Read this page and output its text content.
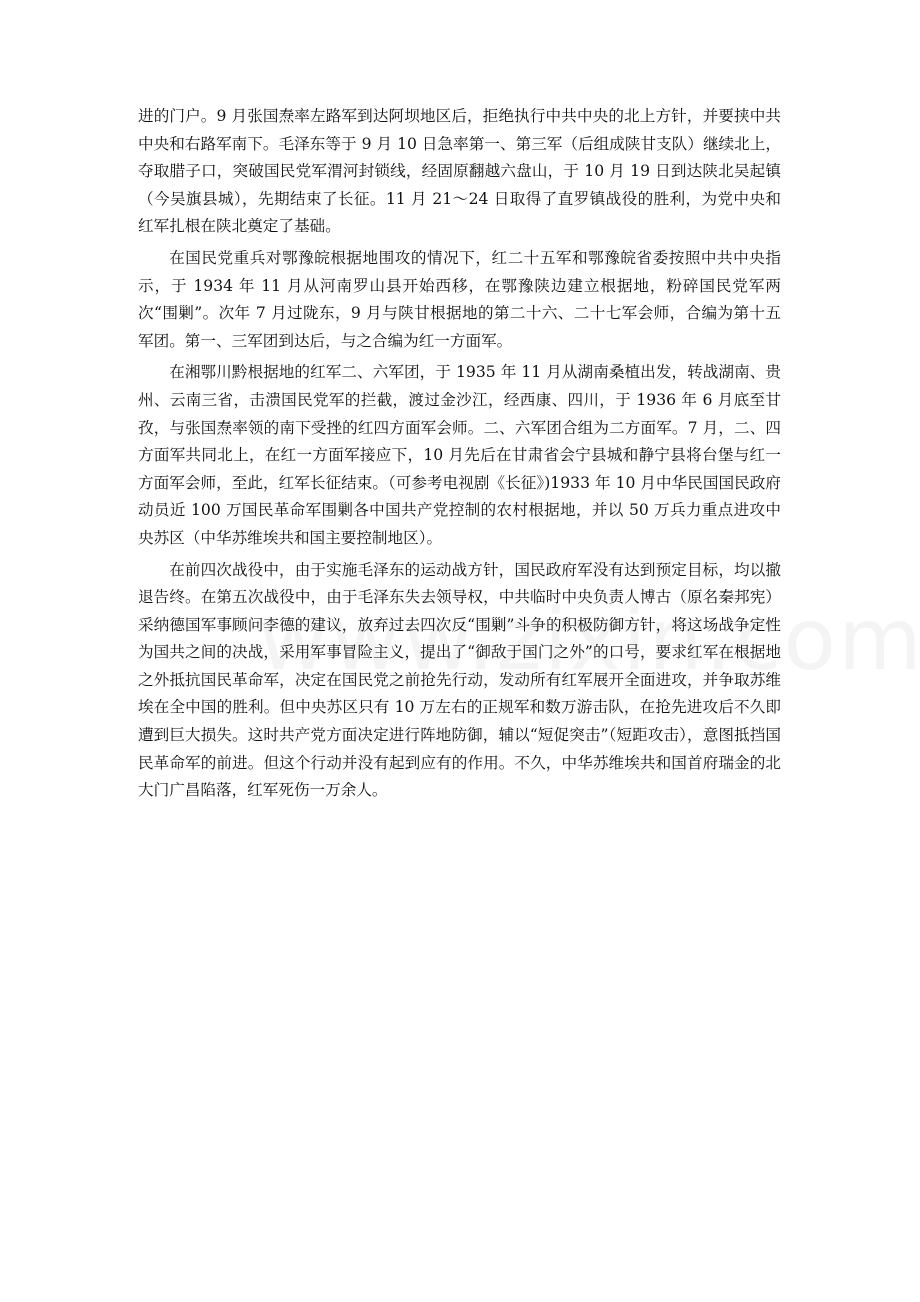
进的门户。9 月张国焘率左路军到达阿坝地区后，拒绝执行中共中央的北上方针，并要挟中共中央和右路军南下。毛泽东等于 9 月 10 日急率第一、第三军（后组成陕甘支队）继续北上，夺取腊子口，突破国民党军渭河封锁线，经固原翻越六盘山，于 10 月 19 日到达陕北吴起镇（今吴旗县城），先期结束了长征。11 月 21～24 日取得了直罗镇战役的胜利，为党中央和红军扎根在陕北奠定了基础。

在国民党重兵对鄂豫皖根据地围攻的情况下，红二十五军和鄂豫皖省委按照中共中央指示，于 1934 年 11 月从河南罗山县开始西移，在鄂豫陕边建立根据地，粉碎国民党军两次“围剿”。次年 7 月过陇东，9 月与陕甘根据地的第二十六、二十七军会师，合编为第十五军团。第一、三军团到达后，与之合编为红一方面军。

在湘鄂川黔根据地的红军二、六军团，于 1935 年 11 月从湖南桑植出发，转战湖南、贵州、云南三省，击溃国民党军的拦截，渡过金沙江，经西康、四川，于 1936 年 6 月底至甘孜，与张国焘率领的南下受挫的红四方面军会师。二、六军团合组为二方面军。7 月，二、四方面军共同北上，在红一方面军接应下，10 月先后在甘肃省会宁县城和静宁县将台堡与红一方面军会师，至此，红军长征结束。（可参考电视剧《长征》)1933 年 10 月中华民国国民政府动员近 100 万国民革命军围剿各中国共产党控制的农村根据地，并以 50 万兵力重点进攻中央苏区（中华苏维埃共和国主要控制地区）。

在前四次战役中，由于实施毛泽东的运动战方针，国民政府军没有达到预定目标，均以撤退告终。在第五次战役中，由于毛泽东失去领导权，中共临时中央负责人博古（原名秦邦宪）采纳德国军事顾问李德的建议，放弃过去四次反“围剿”斗争的积极防御方针，将这场战争定性为国共之间的决战，采用军事冒险主义，提出了“御敌于国门之外”的口号，要求红军在根据地之外抵抗国民革命军，决定在国民党之前抢先行动，发动所有红军展开全面进攻，并争取苏维埃在全中国的胜利。但中央苏区只有 10 万左右的正规军和数万游击队，在抢先进攻后不久即遭到巨大损失。这时共产党方面决定进行阵地防御，辅以“短促突击”（短距攻击），意图抵挡国民革命军的前进。但这个行动并没有起到应有的作用。不久，中华苏维埃共和国首府瑞金的北大门广昌陷落，红军死伤一万余人。
